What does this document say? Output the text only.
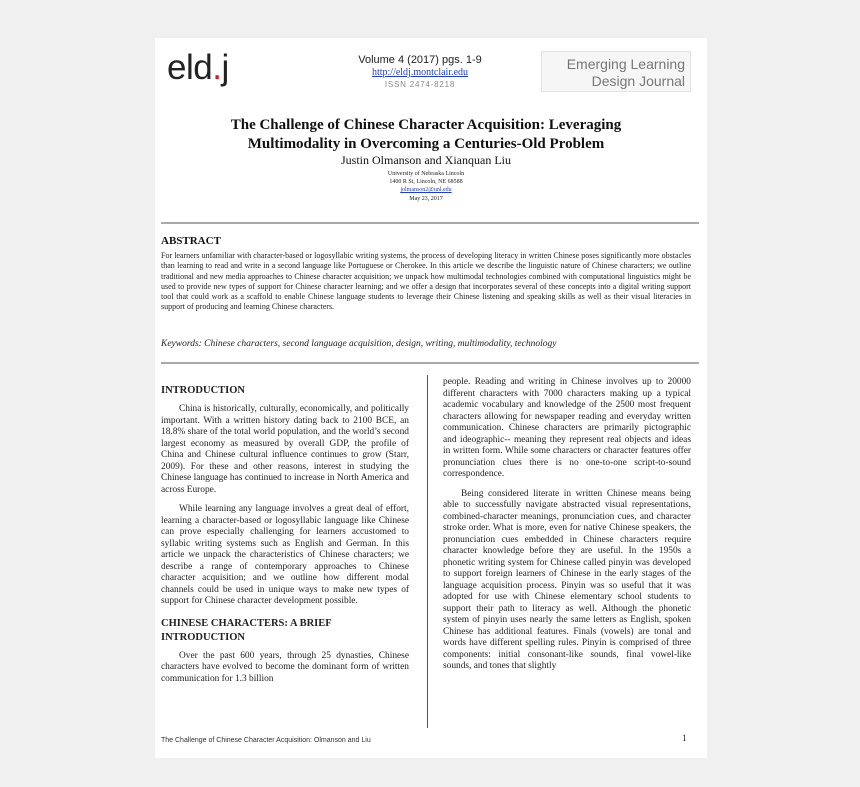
eld.j	Volume 4 (2017) pgs. 1-9
http://eldj.montclair.edu
ISSN 2474-8218
Emerging Learning
Design Journal
The Challenge of Chinese Character Acquisition: Leveraging
Multimodality in Overcoming a Centuries-Old Problem
Justin Olmanson and Xianquan Liu
University of Nebraska Lincoln
1400 R St, Lincoln, NE 68588
jolmanson2@unl.edu
May 23, 2017
ABSTRACT
For learners unfamiliar with character-based or logosyllabic writing systems, the process of developing literacy in written Chinese poses significantly more obstacles than learning to read and write in a second language like Portuguese or Cherokee. In this article we describe the linguistic nature of Chinese characters; we outline traditional and new media approaches to Chinese character acquisition; we unpack how multimodal technologies combined with computational linguistics might be used to provide new types of support for Chinese character learning; and we offer a design that incorporates several of these concepts into a digital writing support tool that could work as a scaffold to enable Chinese language students to leverage their Chinese listening and speaking skills as well as their visual literacies in support of producing and learning Chinese characters.
Keywords: Chinese characters, second language acquisition, design, writing, multimodality, technology
INTRODUCTION

China is historically, culturally, economically, and politically important. With a written history dating back to 2100 BCE, an 18.8% share of the total world population, and the world’s second largest economy as measured by overall GDP, the profile of China and Chinese cultural influence continues to grow (Starr, 2009). For these and other reasons, interest in studying the Chinese language has continued to increase in North America and across Europe.

While learning any language involves a great deal of effort, learning a character-based or logosyllabic language like Chinese can prove especially challenging for learners accustomed to syllabic writing systems such as English and German. In this article we unpack the characteristics of Chinese characters; we describe a range of contemporary approaches to Chinese character acquisition; and we outline how different modal channels could be used in unique ways to make new types of support for Chinese character development possible.

CHINESE CHARACTERS: A BRIEF
INTRODUCTION

Over the past 600 years, through 25 dynasties, Chinese characters have evolved to become the dominant form of written communication for 1.3 billion

people. Reading and writing in Chinese involves up to 20000 different characters with 7000 characters making up a typical academic vocabulary and knowledge of the 2500 most frequent characters allowing for newspaper reading and everyday written communication. Chinese characters are primarily pictographic and ideographic-- meaning they represent real objects and ideas in written form. While some characters or character features offer pronunciation clues there is no one-to-one script-to-sound correspondence.

Being considered literate in written Chinese means being able to successfully navigate abstracted visual representations, combined-character meanings, pronunciation cues, and character stroke order. What is more, even for native Chinese speakers, the pronunciation cues embedded in Chinese characters require character knowledge before they are useful. In the 1950s a phonetic writing system for Chinese called pinyin was developed to support foreign learners of Chinese in the early stages of the language acquisition process. Pinyin was so useful that it was adopted for use with Chinese elementary school students to support their path to literacy as well. Although the phonetic system of pinyin uses nearly the same letters as English, spoken Chinese has additional features. Finals (vowels) are tonal and words have different spelling rules. Pinyin is comprised of three components: initial consonant-like sounds, final vowel-like sounds, and tones that slightly

The Challenge of Chinese Character Acquisition: Olmanson and Liu	1
